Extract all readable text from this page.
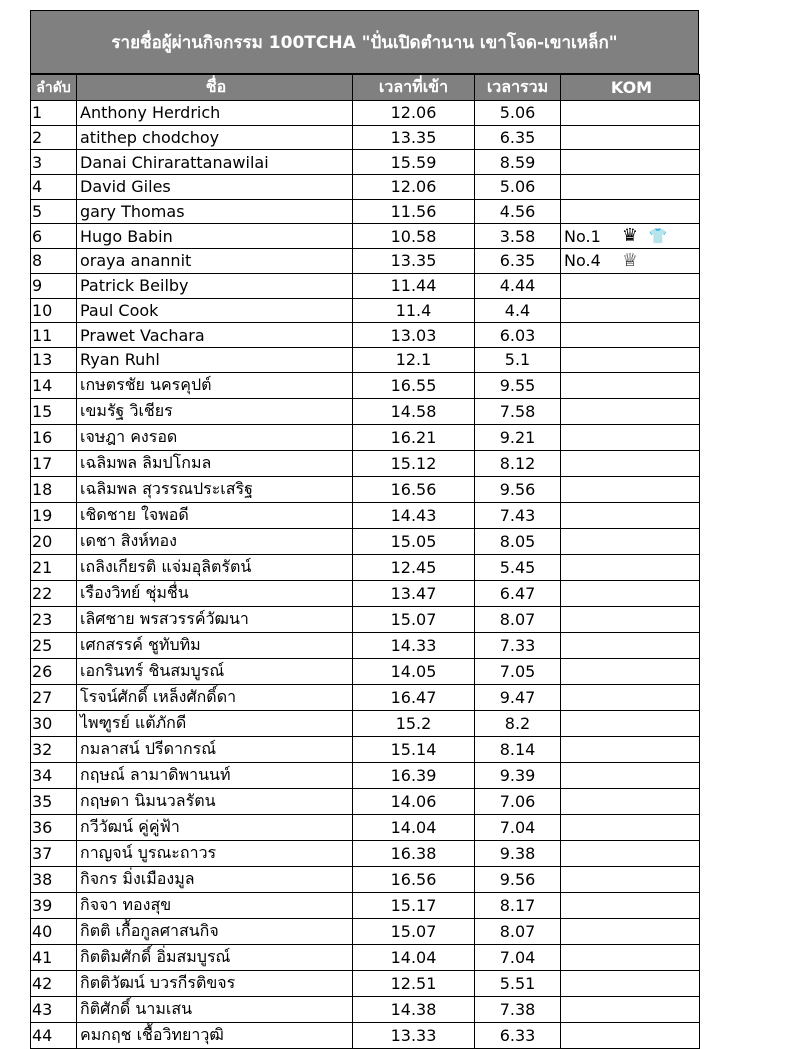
รายชื่อผู้ผ่านกิจกรรม 100TCHA "ปั่นเปิดตำนาน เขาโจด-เขาเหล็ก"
ลำดับ	ชื่อ	เวลาที่เข้า	เวลารวม	KOM
1	Anthony Herdrich	12.06	5.06	

2	atithep chodchoy	13.35	6.35	

3	Danai Chirarattanawilai	15.59	8.59	

4	David Giles	12.06	5.06	

5	gary Thomas	11.56	4.56	

6	Hugo Babin	10.58	3.58	No.1 ♛ 👕

8	oraya anannit	13.35	6.35	No.4 ♕

9	Patrick Beilby	11.44	4.44	

10	Paul Cook	11.4	4.4	

11	Prawet Vachara	13.03	6.03	

13	Ryan Ruhl	12.1	5.1	

14	เกษตรชัย นครคุปต์	16.55	9.55	

15	เขมรัฐ วิเชียร	14.58	7.58	

16	เจษฎา คงรอด	16.21	9.21	

17	เฉลิมพล ลิมปโกมล	15.12	8.12	

18	เฉลิมพล สุวรรณประเสริฐ	16.56	9.56	

19	เชิดชาย ใจพอดี	14.43	7.43	

20	เดชา สิงห์ทอง	15.05	8.05	

21	เถลิงเกียรติ แจ่มอุลิตรัตน์	12.45	5.45	

22	เรืองวิทย์ ชุ่มชื่น	13.47	6.47	

23	เลิศชาย พรสวรรค์วัฒนา	15.07	8.07	

25	เศกสรรค์ ชูทับทิม	14.33	7.33	

26	เอกรินทร์ ชินสมบูรณ์	14.05	7.05	

27	โรจน์ศักดิ์ เหล็งศักดิ์ดา	16.47	9.47	

30	ไพฑูรย์ แต้ภักดี	15.2	8.2	

32	กมลาสน์ ปรีดากรณ์	15.14	8.14	

34	กฤษณ์ ลามาดิพานนท์	16.39	9.39	

35	กฤษดา นิมนวลรัตน	14.06	7.06	

36	กวีวัฒน์ คู่คู่ฟ้า	14.04	7.04	

37	กาญจน์ บูรณะถาวร	16.38	9.38	

38	กิจกร มิ่งเมืองมูล	16.56	9.56	

39	กิจจา ทองสุข	15.17	8.17	

40	กิตติ เกื้อกูลศาสนกิจ	15.07	8.07	

41	กิตติมศักดิ์ อิ่มสมบูรณ์	14.04	7.04	

42	กิตติวัฒน์ บวรกีรติขจร	12.51	5.51	

43	กิติศักดิ์ นามเสน	14.38	7.38	

44	คมกฤช เชื้อวิทยาวุฒิ	13.33	6.33	
